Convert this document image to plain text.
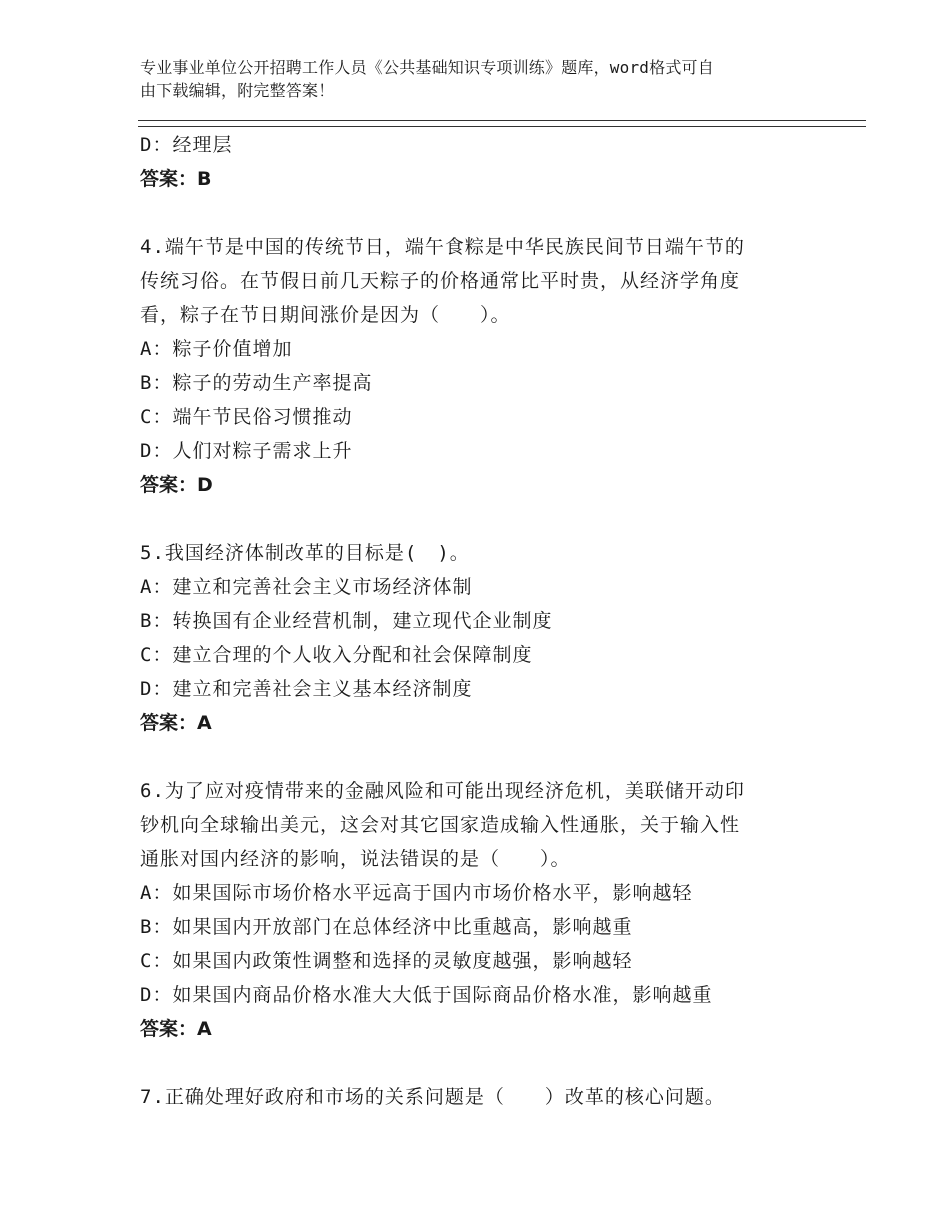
专业事业单位公开招聘工作人员《公共基础知识专项训练》题库，word格式可自
由下载编辑，附完整答案！
D：经理层
答案：B
4.端午节是中国的传统节日，端午食粽是中华民族民间节日端午节的
传统习俗。在节假日前几天粽子的价格通常比平时贵，从经济学角度
看，粽子在节日期间涨价是因为（　　）。
A：粽子价值增加
B：粽子的劳动生产率提高
C：端午节民俗习惯推动
D：人们对粽子需求上升
答案：D
5.我国经济体制改革的目标是(　)。
A：建立和完善社会主义市场经济体制
B：转换国有企业经营机制，建立现代企业制度
C：建立合理的个人收入分配和社会保障制度
D：建立和完善社会主义基本经济制度
答案：A
6.为了应对疫情带来的金融风险和可能出现经济危机，美联储开动印
钞机向全球输出美元，这会对其它国家造成输入性通胀，关于输入性
通胀对国内经济的影响，说法错误的是（　　）。
A：如果国际市场价格水平远高于国内市场价格水平，影响越轻
B：如果国内开放部门在总体经济中比重越高，影响越重
C：如果国内政策性调整和选择的灵敏度越强，影响越轻
D：如果国内商品价格水准大大低于国际商品价格水准，影响越重
答案：A
7.正确处理好政府和市场的关系问题是（　　）改革的核心问题。
